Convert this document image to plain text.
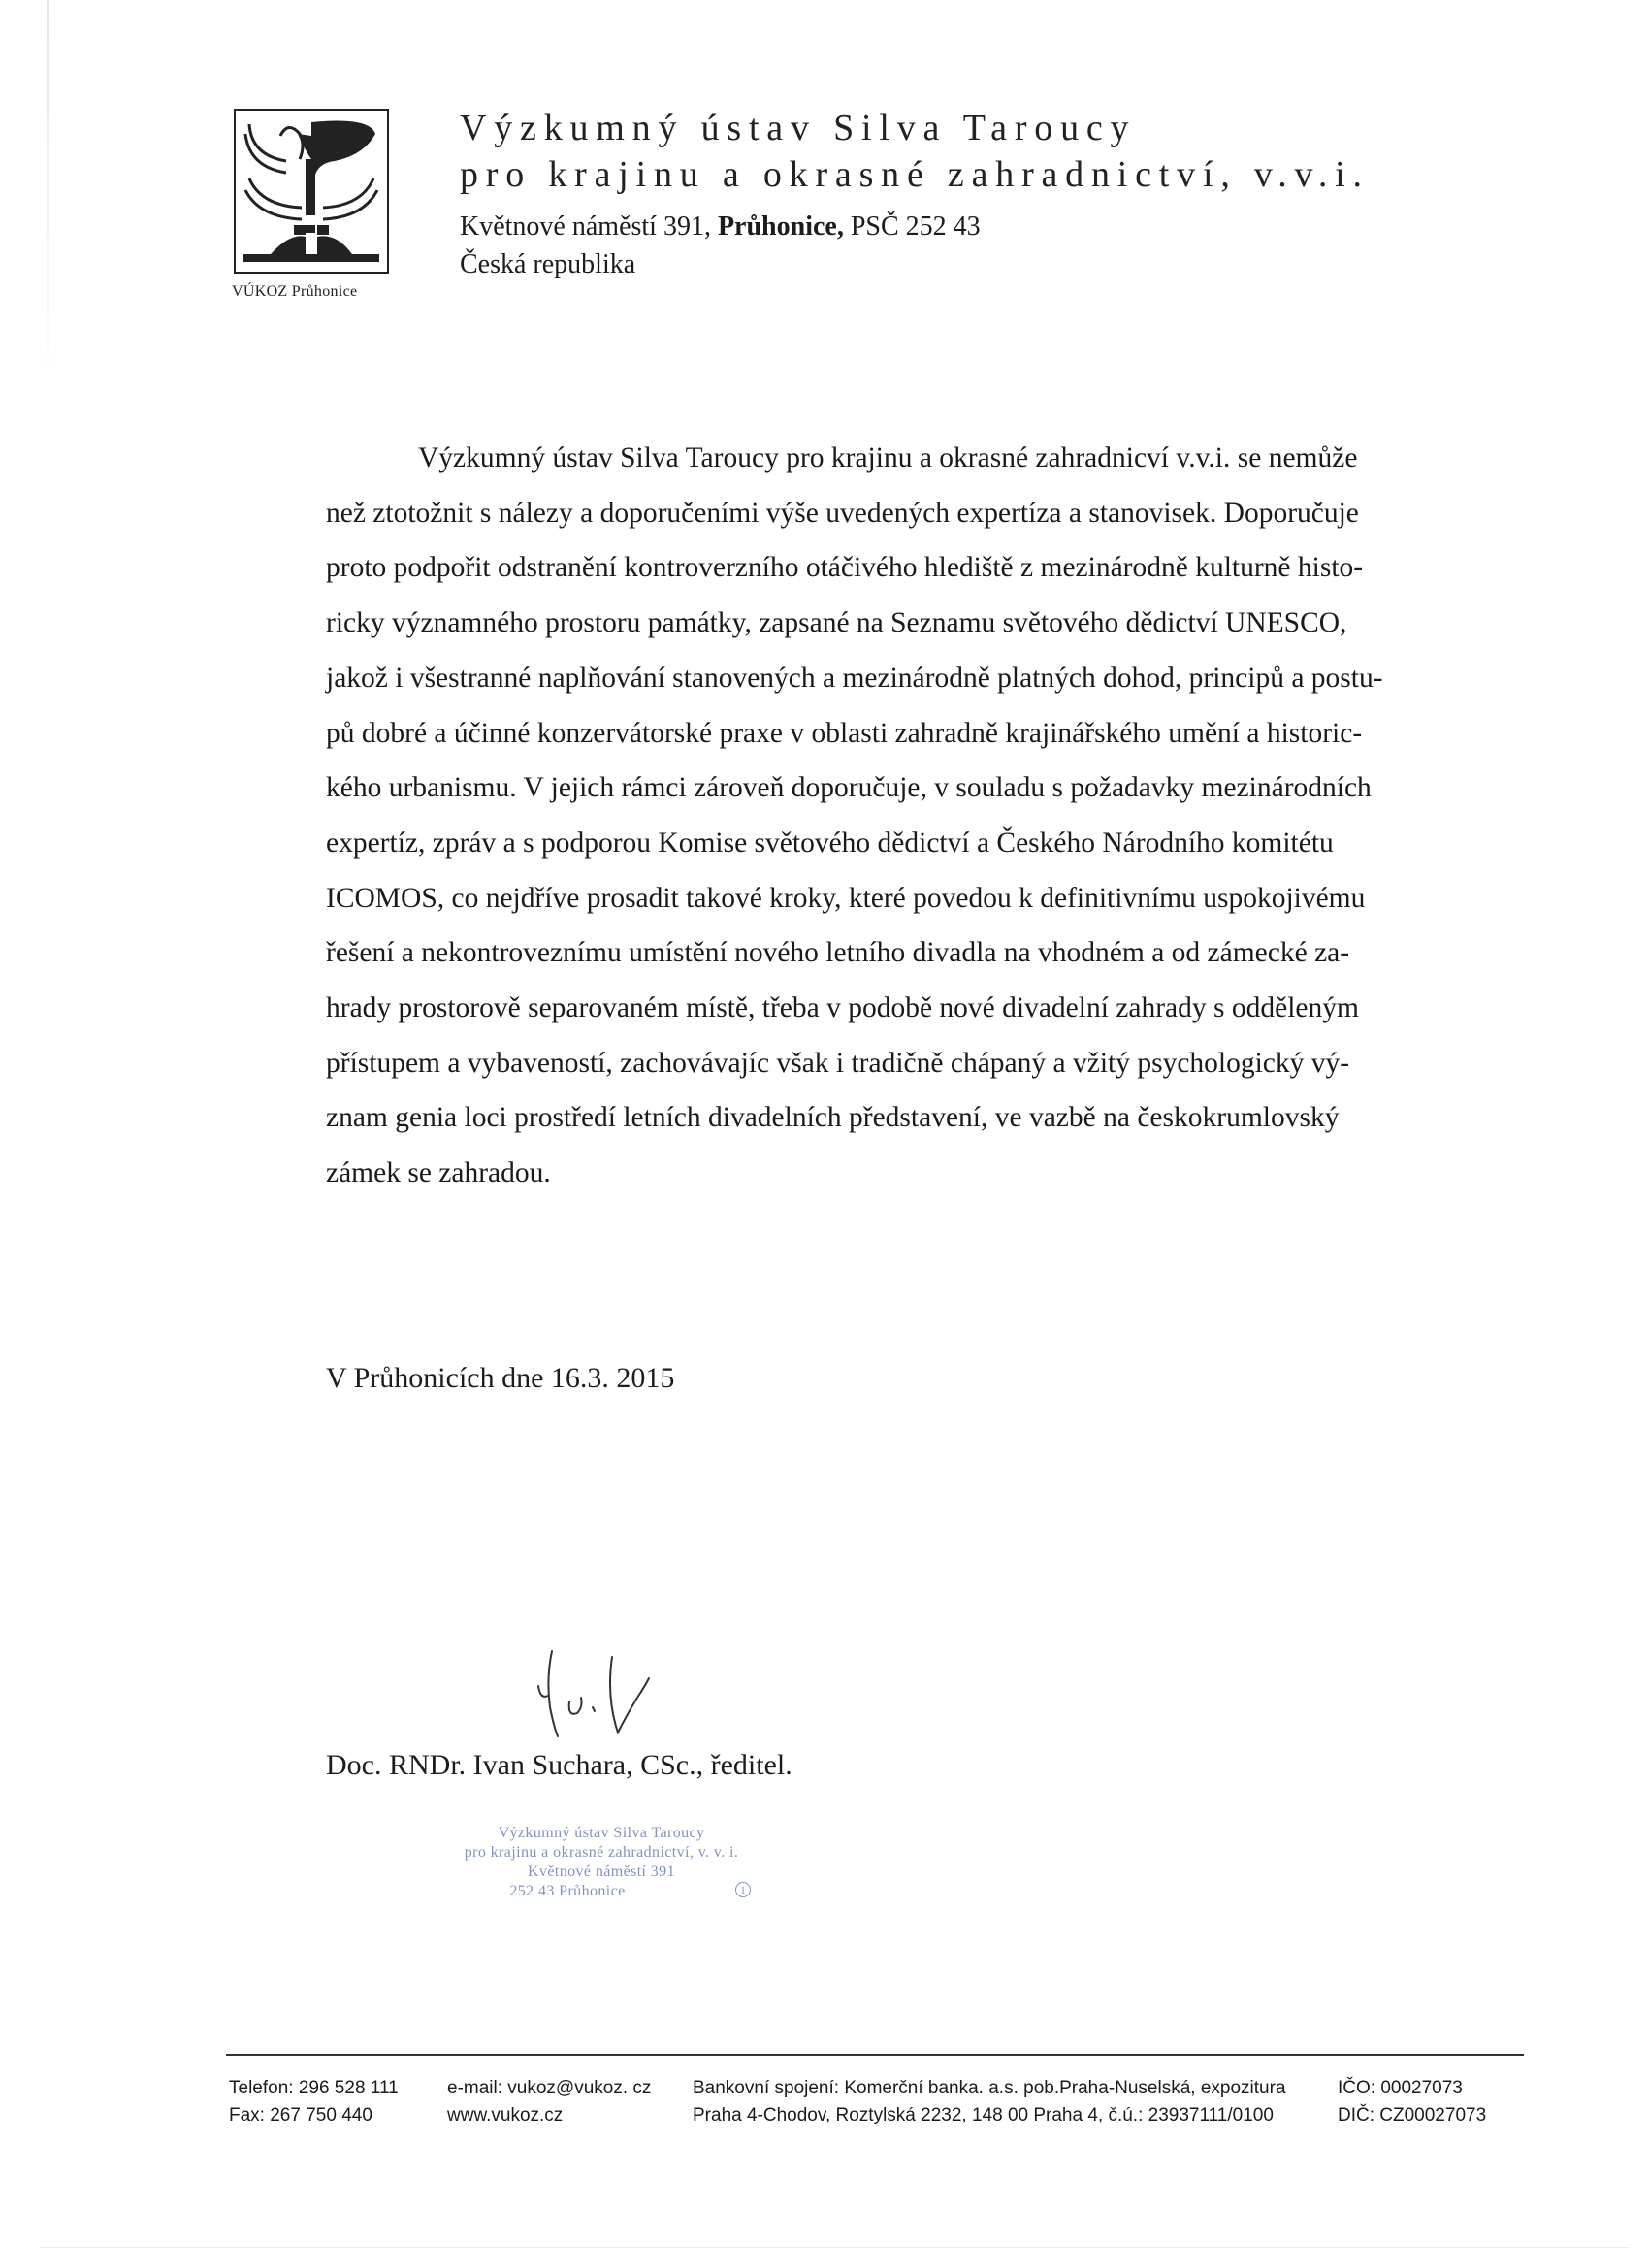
VÚKOZ Průhonice
Výzkumný ústav Silva Taroucy
pro krajinu a okrasné zahradnictví, v.v.i.
Květnové náměstí 391, Průhonice, PSČ 252 43
Česká republika
Výzkumný ústav Silva Taroucy pro krajinu a okrasné zahradnicví v.v.i. se nemůže
než ztotožnit s nálezy a doporučeními výše uvedených expertíza a stanovisek. Doporučuje
proto podpořit odstranění kontroverzního otáčivého hlediště z mezinárodně kulturně histo-
ricky významného prostoru památky, zapsané na Seznamu světového dědictví UNESCO,
jakož i všestranné naplňování stanovených a mezinárodně platných dohod, principů a postu-
pů dobré a účinné konzervátorské praxe v oblasti zahradně krajinářského umění a historic-
kého urbanismu. V jejich rámci zároveň doporučuje, v souladu s požadavky mezinárodních
expertíz, zpráv a s podporou Komise světového dědictví a Českého Národního komitétu
ICOMOS, co nejdříve prosadit takové kroky, které povedou k definitivnímu uspokojivému
řešení a nekontroveznímu umístění nového letního divadla na vhodném a od zámecké za-
hrady prostorově separovaném místě, třeba v podobě nové divadelní zahrady s odděleným
přístupem a vybaveností, zachovávajíc však i tradičně chápaný a vžitý psychologický vý-
znam genia loci prostředí letních divadelních představení, ve vazbě na českokrumlovský
zámek se zahradou.
V Průhonicích dne 16.3. 2015
Doc. RNDr. Ivan Suchara, CSc., ředitel.
Výzkumný ústav Silva Taroucy
pro krajinu a okrasné zahradnictví, v. v. i.
Květnové náměstí 391
252 43 Průhonice	1
Telefon: 296 528 111
Fax: 267 750 440
e-mail: vukoz@vukoz. cz
www.vukoz.cz
Bankovní spojení: Komerční banka. a.s. pob.Praha-Nuselská, expozitura
Praha 4-Chodov, Roztylská 2232, 148 00 Praha 4, č.ú.: 23937111/0100
IČO: 00027073
DIČ: CZ00027073
